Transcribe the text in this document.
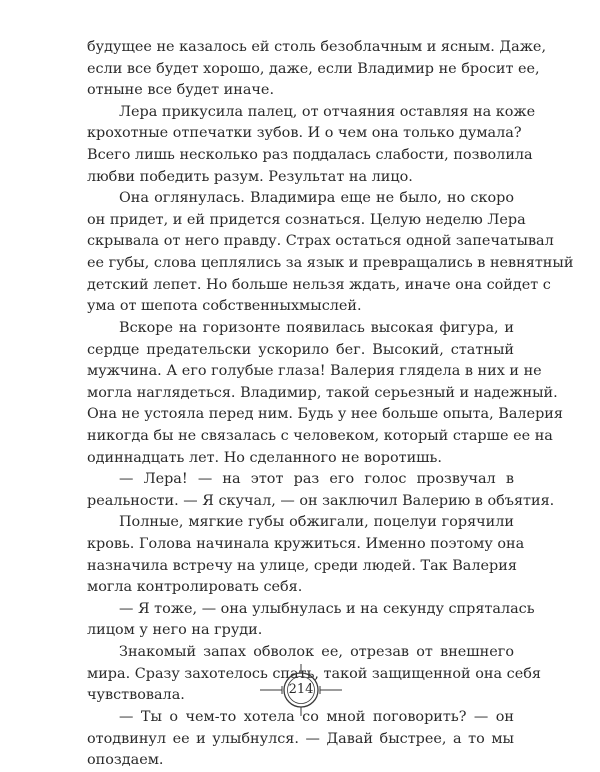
будущее не казалось ей столь безоблачным и ясным. Даже,
если все будет хорошо, даже, если Владимир не бросит ее,
отныне все будет иначе.
Лера прикусила палец, от отчаяния оставляя на коже
крохотные отпечатки зубов. И о чем она только думала?
Всего лишь несколько раз поддалась слабости, позволила
любви победить разум. Результат на лицо.
Она оглянулась. Владимира еще не было, но скоро
он придет, и ей придется сознаться. Целую неделю Лера
скрывала от него правду. Страх остаться одной запечатывал
ее губы, слова цеплялись за язык и превращались в невнятный
детский лепет. Но больше нельзя ждать, иначе она сойдет с
ума от шепота собственныхмыслей.
Вскоре на горизонте появилась высокая фигура, и
сердце предательски ускорило бег. Высокий, статный
мужчина. А его голубые глаза! Валерия глядела в них и не
могла наглядеться. Владимир, такой серьезный и надежный.
Она не устояла перед ним. Будь у нее больше опыта, Валерия
никогда бы не связалась с человеком, который старше ее на
одиннадцать лет. Но сделанного не воротишь.
— Лера! — на этот раз его голос прозвучал в
реальности. — Я скучал, — он заключил Валерию в объятия.
Полные, мягкие губы обжигали, поцелуи горячили
кровь. Голова начинала кружиться. Именно поэтому она
назначила встречу на улице, среди людей. Так Валерия
могла контролировать себя.
— Я тоже, — она улыбнулась и на секунду спряталась
лицом у него на груди.
Знакомый запах обволок ее, отрезав от внешнего
мира. Сразу захотелось спать, такой защищенной она себя
чувствовала.
— Ты о чем-то хотела со мной поговорить? — он
отодвинул ее и улыбнулся. — Давай быстрее, а то мы
опоздаем.
214
